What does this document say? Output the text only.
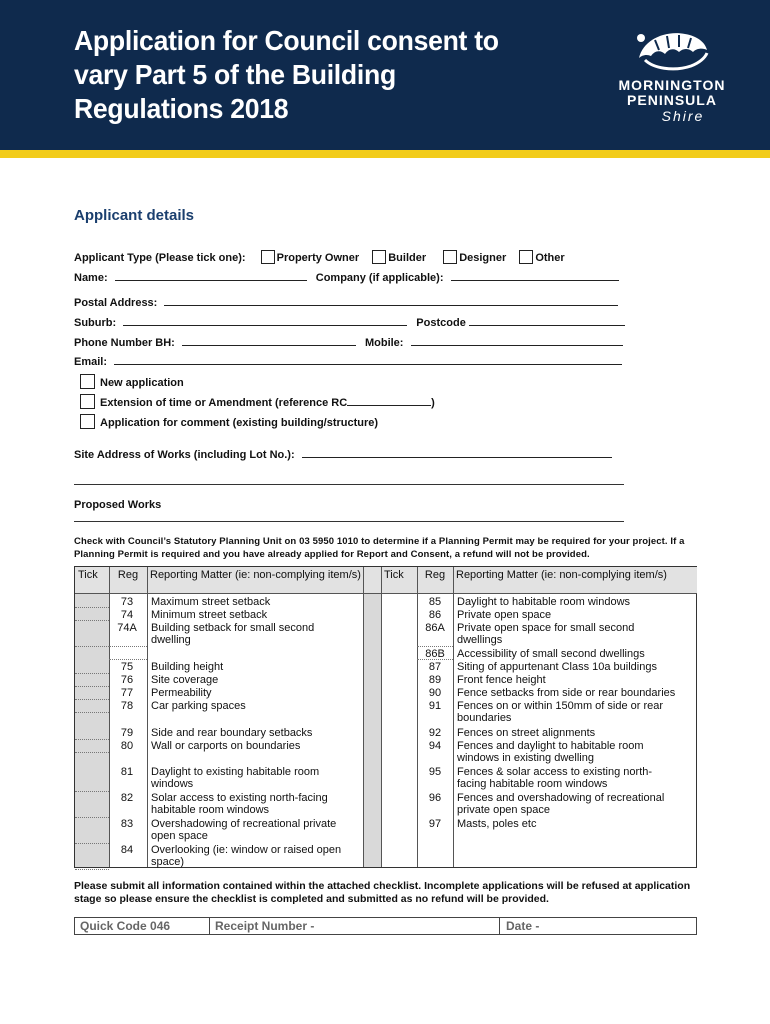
Application for Council consent to vary Part 5 of the Building Regulations 2018
MORNINGTON
PENINSULA
Shire
Applicant details
Applicant Type (Please tick one):	Property Owner	Builder	Designer	Other
Name:	Company (if applicable):
Postal Address:
Suburb:	Postcode
Phone Number BH:	Mobile:
Email:
New application
Extension of time or Amendment (reference RC	)
Application for comment (existing building/structure)
Site Address of Works (including Lot No.):
Proposed Works
Check with Council’s Statutory Planning Unit on 03 5950 1010 to determine if a Planning Permit may be required for your project. If a Planning Permit is required and you have already applied for Report and Consent, a refund will not be provided.
Tick	Reg	Reporting Matter (ie: non-complying item/s)	Tick	Reg Reporting Matter (ie: non-complying item/s)
73	Maximum street setback
74	Minimum street setback
74A	Building setback for small second dwelling
75	Building height
76	Site coverage
77	Permeability
78	Car parking spaces
79	Side and rear boundary setbacks
80	Wall or carports on boundaries
81	Daylight to existing habitable room windows
82	Solar access to existing north-facing habitable room windows
83	Overshadowing of recreational private open space
84	Overlooking (ie: window or raised open space)
85	Daylight to habitable room windows
86	Private open space
86A	Private open space for small second dwellings
86B	Accessibility of small second dwellings
87	Siting of appurtenant Class 10a buildings
89	Front fence height
90	Fence setbacks from side or rear boundaries
91	Fences on or within 150mm of side or rear boundaries
92	Fences on street alignments
94	Fences and daylight to habitable room windows in existing dwelling
95	Fences & solar access to existing north-facing habitable room windows
96	Fences and overshadowing of recreational private open space
97	Masts, poles etc
Please submit all information contained within the attached checklist. Incomplete applications will be refused at application stage so please ensure the checklist is completed and submitted as no refund will be provided.
Quick Code 046	Receipt Number -	Date -
